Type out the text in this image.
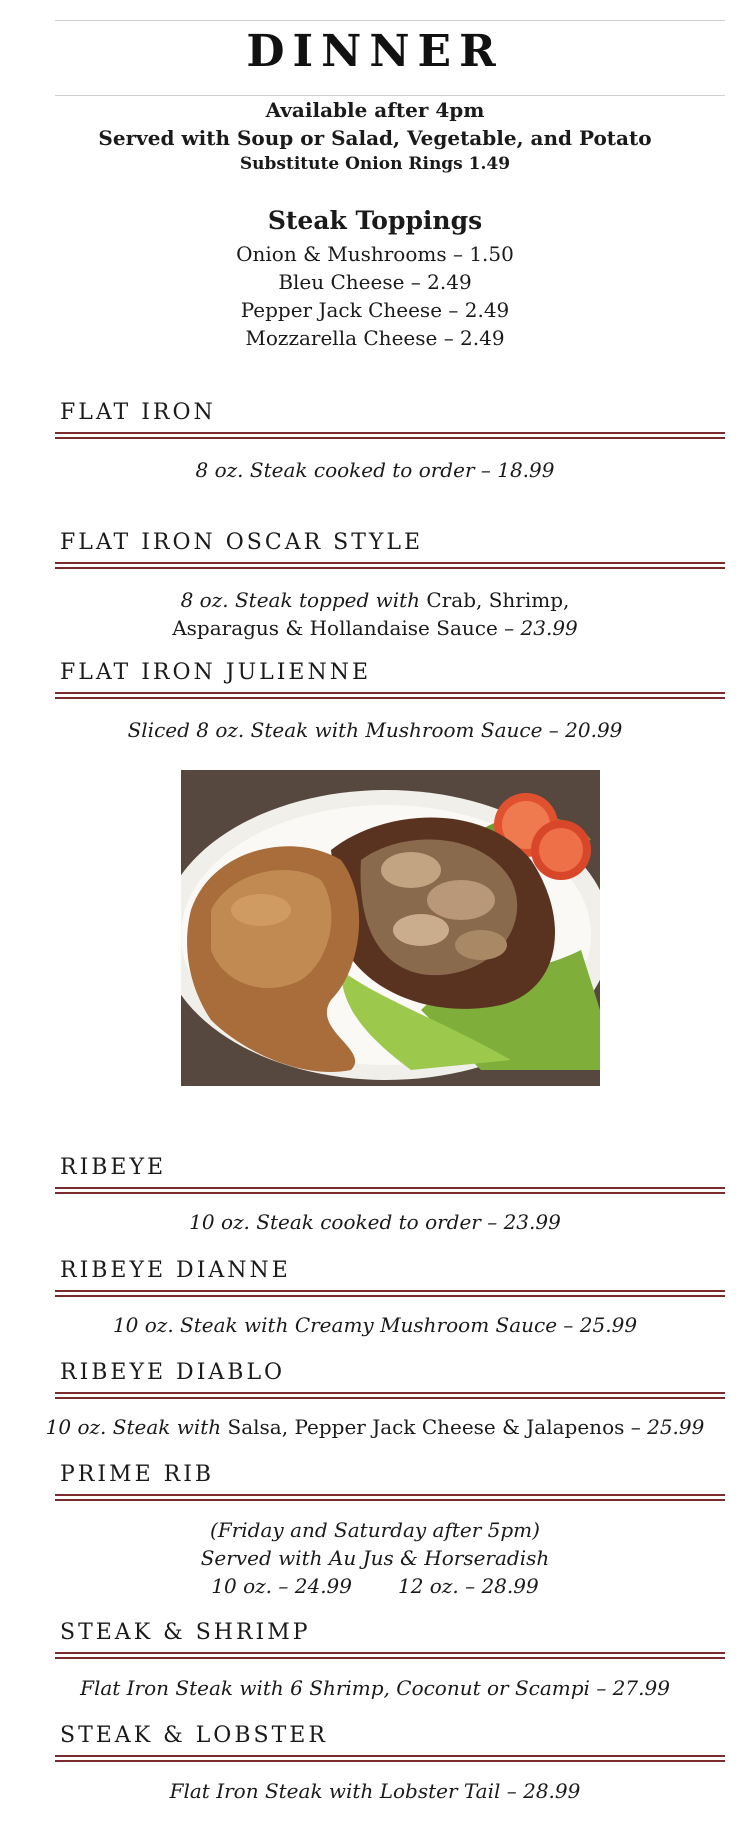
DINNER
Available after 4pm
Served with Soup or Salad, Vegetable, and Potato
Substitute Onion Rings 1.49
Steak Toppings
Onion & Mushrooms – 1.50
Bleu Cheese – 2.49
Pepper Jack Cheese – 2.49
Mozzarella Cheese – 2.49
FLAT IRON
8 oz. Steak cooked to order – 18.99
FLAT IRON OSCAR STYLE
8 oz. Steak topped with Crab, Shrimp,
Asparagus & Hollandaise Sauce – 23.99
FLAT IRON JULIENNE
Sliced 8 oz. Steak with Mushroom Sauce – 20.99
RIBEYE
10 oz. Steak cooked to order – 23.99
RIBEYE DIANNE
10 oz. Steak with Creamy Mushroom Sauce – 25.99
RIBEYE DIABLO
10 oz. Steak with Salsa, Pepper Jack Cheese & Jalapenos – 25.99
PRIME RIB
(Friday and Saturday after 5pm)
Served with Au Jus & Horseradish
10 oz. – 24.99 12 oz. – 28.99
STEAK & SHRIMP
Flat Iron Steak with 6 Shrimp, Coconut or Scampi – 27.99
STEAK & LOBSTER
Flat Iron Steak with Lobster Tail – 28.99
